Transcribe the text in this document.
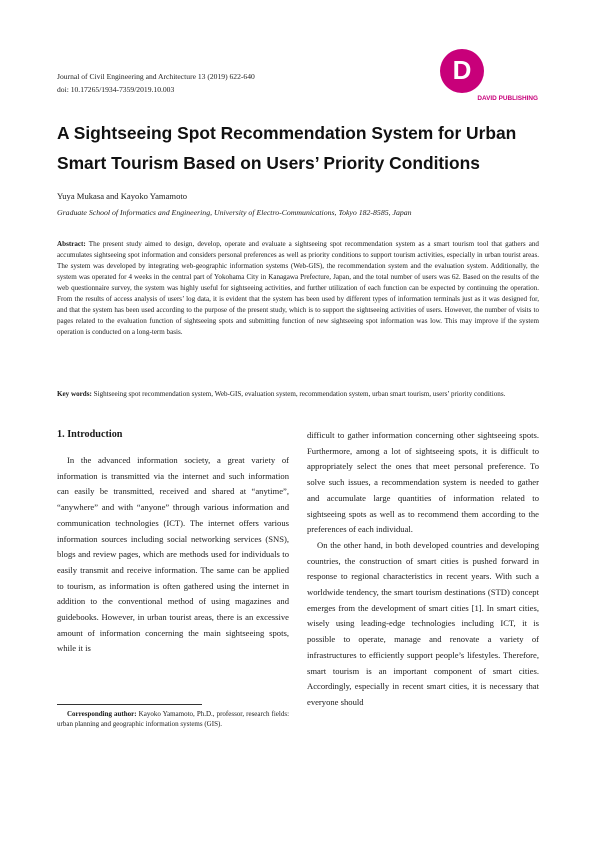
Journal of Civil Engineering and Architecture 13 (2019) 622-640
doi: 10.17265/1934-7359/2019.10.003
D
DAVID PUBLISHING
A Sightseeing Spot Recommendation System for Urban
Smart Tourism Based on Users’ Priority Conditions
Yuya Mukasa and Kayoko Yamamoto
Graduate School of Informatics and Engineering, University of Electro-Communications, Tokyo 182-8585, Japan

Abstract: The present study aimed to design, develop, operate and evaluate a sightseeing spot recommendation system as a smart tourism tool that gathers and accumulates sightseeing spot information and considers personal preferences as well as priority conditions to support tourism activities, especially in urban tourist areas. The system was developed by integrating web-geographic information systems (Web-GIS), the recommendation system and the evaluation system. Additionally, the system was operated for 4 weeks in the central part of Yokohama City in Kanagawa Prefecture, Japan, and the total number of users was 62. Based on the results of the web questionnaire survey, the system was highly useful for sightseeing activities, and further utilization of each function can be expected by continuing the operation. From the results of access analysis of users’ log data, it is evident that the system has been used by different types of information terminals just as it was designed for, and that the system has been used according to the purpose of the present study, which is to support the sightseeing activities of users. However, the number of visits to pages related to the evaluation function of sightseeing spots and submitting function of new sightseeing spot information was low. This may improve if the system operation is conducted on a long-term basis.

Key words: Sightseeing spot recommendation system, Web-GIS, evaluation system, recommendation system, urban smart tourism, users’ priority conditions.

1. Introduction

In the advanced information society, a great variety of information is transmitted via the internet and such information can easily be transmitted, received and shared at “anytime”, “anywhere” and with “anyone” through various information and communication technologies (ICT). The internet offers various information sources including social networking services (SNS), blogs and review pages, which are methods used for individuals to easily transmit and receive information. The same can be applied to tourism, as information is often gathered using the internet in addition to the conventional method of using magazines and guidebooks. However, in urban tourist areas, there is an excessive amount of information concerning the main sightseeing spots, while it is

difficult to gather information concerning other sightseeing spots. Furthermore, among a lot of sightseeing spots, it is difficult to appropriately select the ones that meet personal preference. To solve such issues, a recommendation system is needed to gather and accumulate large quantities of information related to sightseeing spots as well as to recommend them according to the preferences of each individual.

On the other hand, in both developed countries and developing countries, the construction of smart cities is pushed forward in response to regional characteristics in recent years. With such a worldwide tendency, the smart tourism destinations (STD) concept emerges from the development of smart cities [1]. In smart cities, wisely using leading-edge technologies including ICT, it is possible to operate, manage and renovate a variety of infrastructures to efficiently support people’s lifestyles. Therefore, smart tourism is an important component of smart cities. Accordingly, especially in recent smart cities, it is necessary that everyone should

Corresponding author: Kayoko Yamamoto, Ph.D., professor, research fields: urban planning and geographic information systems (GIS).
